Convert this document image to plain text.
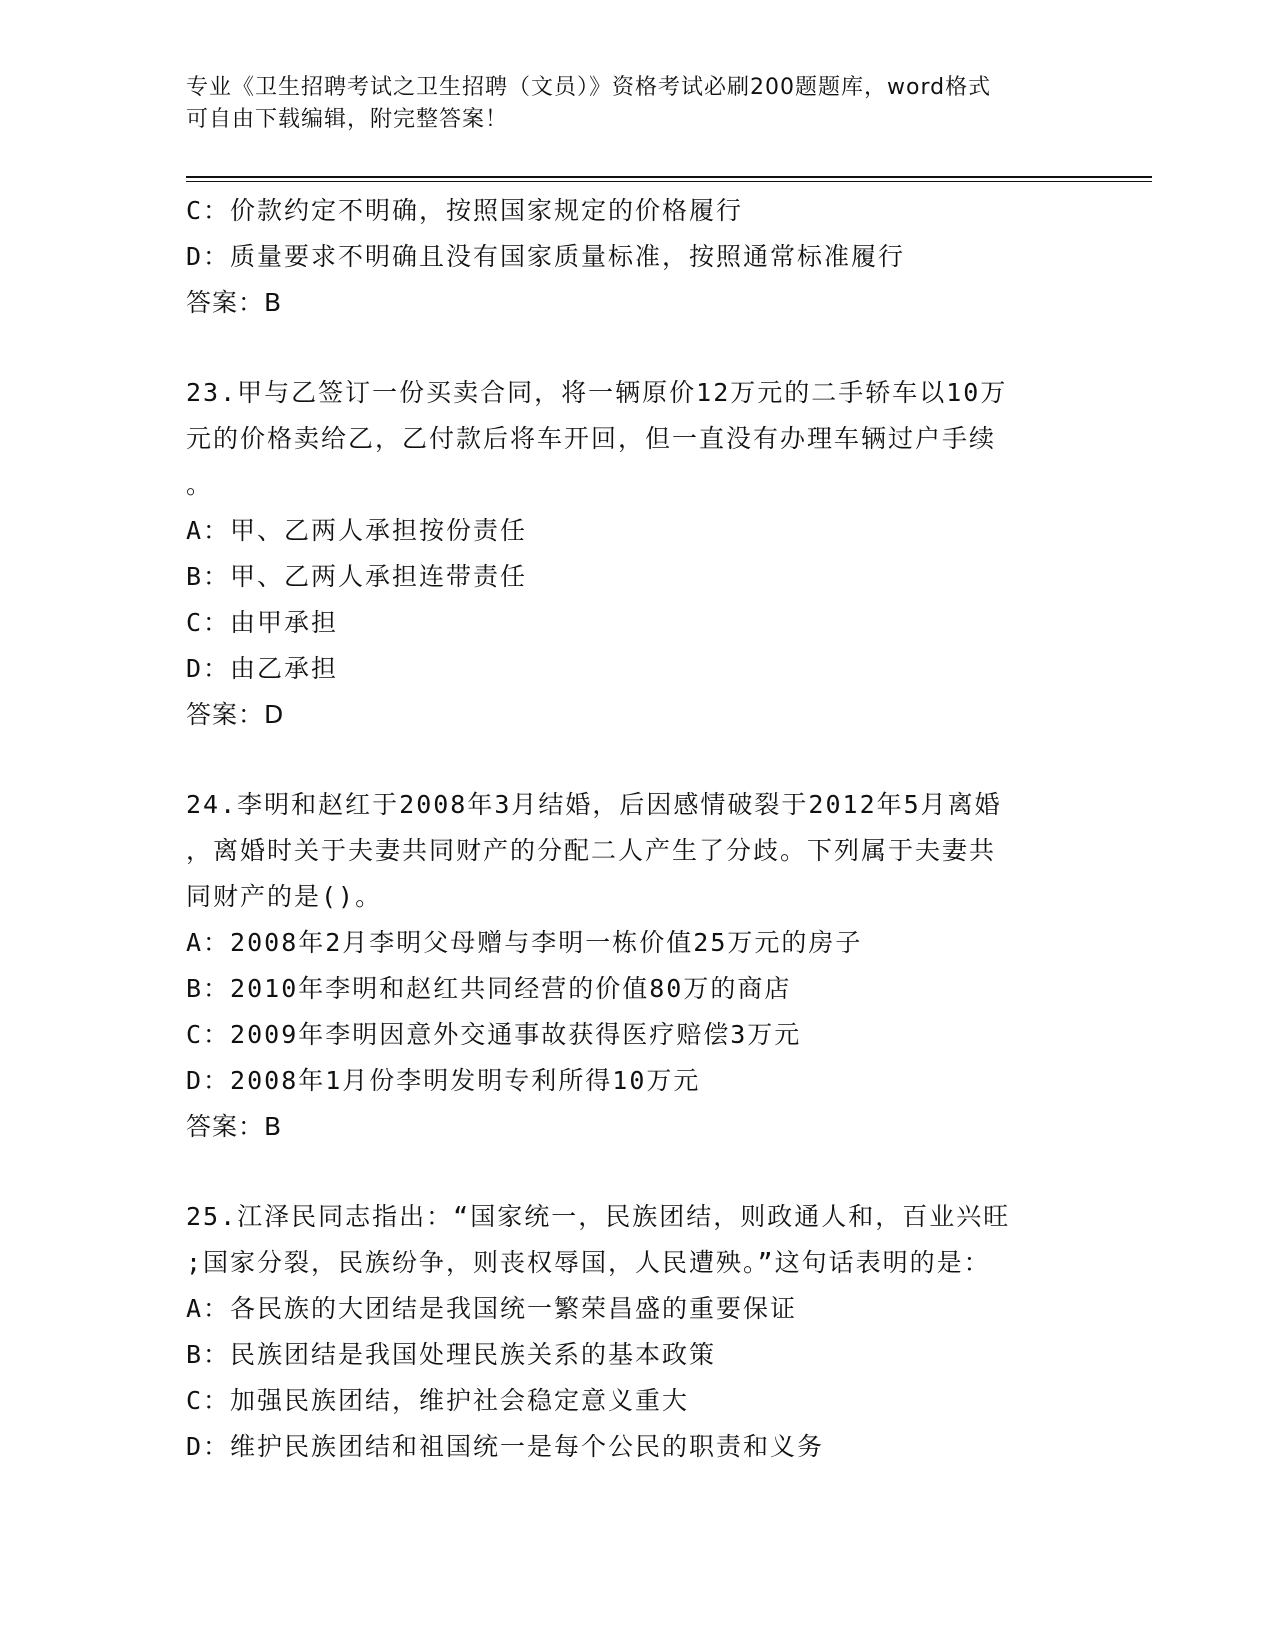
专业《卫生招聘考试之卫生招聘（文员）》资格考试必刷200题题库，word格式
可自由下载编辑，附完整答案！
C：价款约定不明确，按照国家规定的价格履行
D：质量要求不明确且没有国家质量标准，按照通常标准履行
答案：B
23.甲与乙签订一份买卖合同，将一辆原价12万元的二手轿车以10万
元的价格卖给乙，乙付款后将车开回，但一直没有办理车辆过户手续
。
A：甲、乙两人承担按份责任
B：甲、乙两人承担连带责任
C：由甲承担
D：由乙承担
答案：D
24.李明和赵红于2008年3月结婚，后因感情破裂于2012年5月离婚
，离婚时关于夫妻共同财产的分配二人产生了分歧。下列属于夫妻共
同财产的是()。
A：2008年2月李明父母赠与李明一栋价值25万元的房子
B：2010年李明和赵红共同经营的价值80万的商店
C：2009年李明因意外交通事故获得医疗赔偿3万元
D：2008年1月份李明发明专利所得10万元
答案：B
25.江泽民同志指出：“国家统一，民族团结，则政通人和，百业兴旺
;国家分裂，民族纷争，则丧权辱国，人民遭殃。”这句话表明的是：
A：各民族的大团结是我国统一繁荣昌盛的重要保证
B：民族团结是我国处理民族关系的基本政策
C：加强民族团结，维护社会稳定意义重大
D：维护民族团结和祖国统一是每个公民的职责和义务
